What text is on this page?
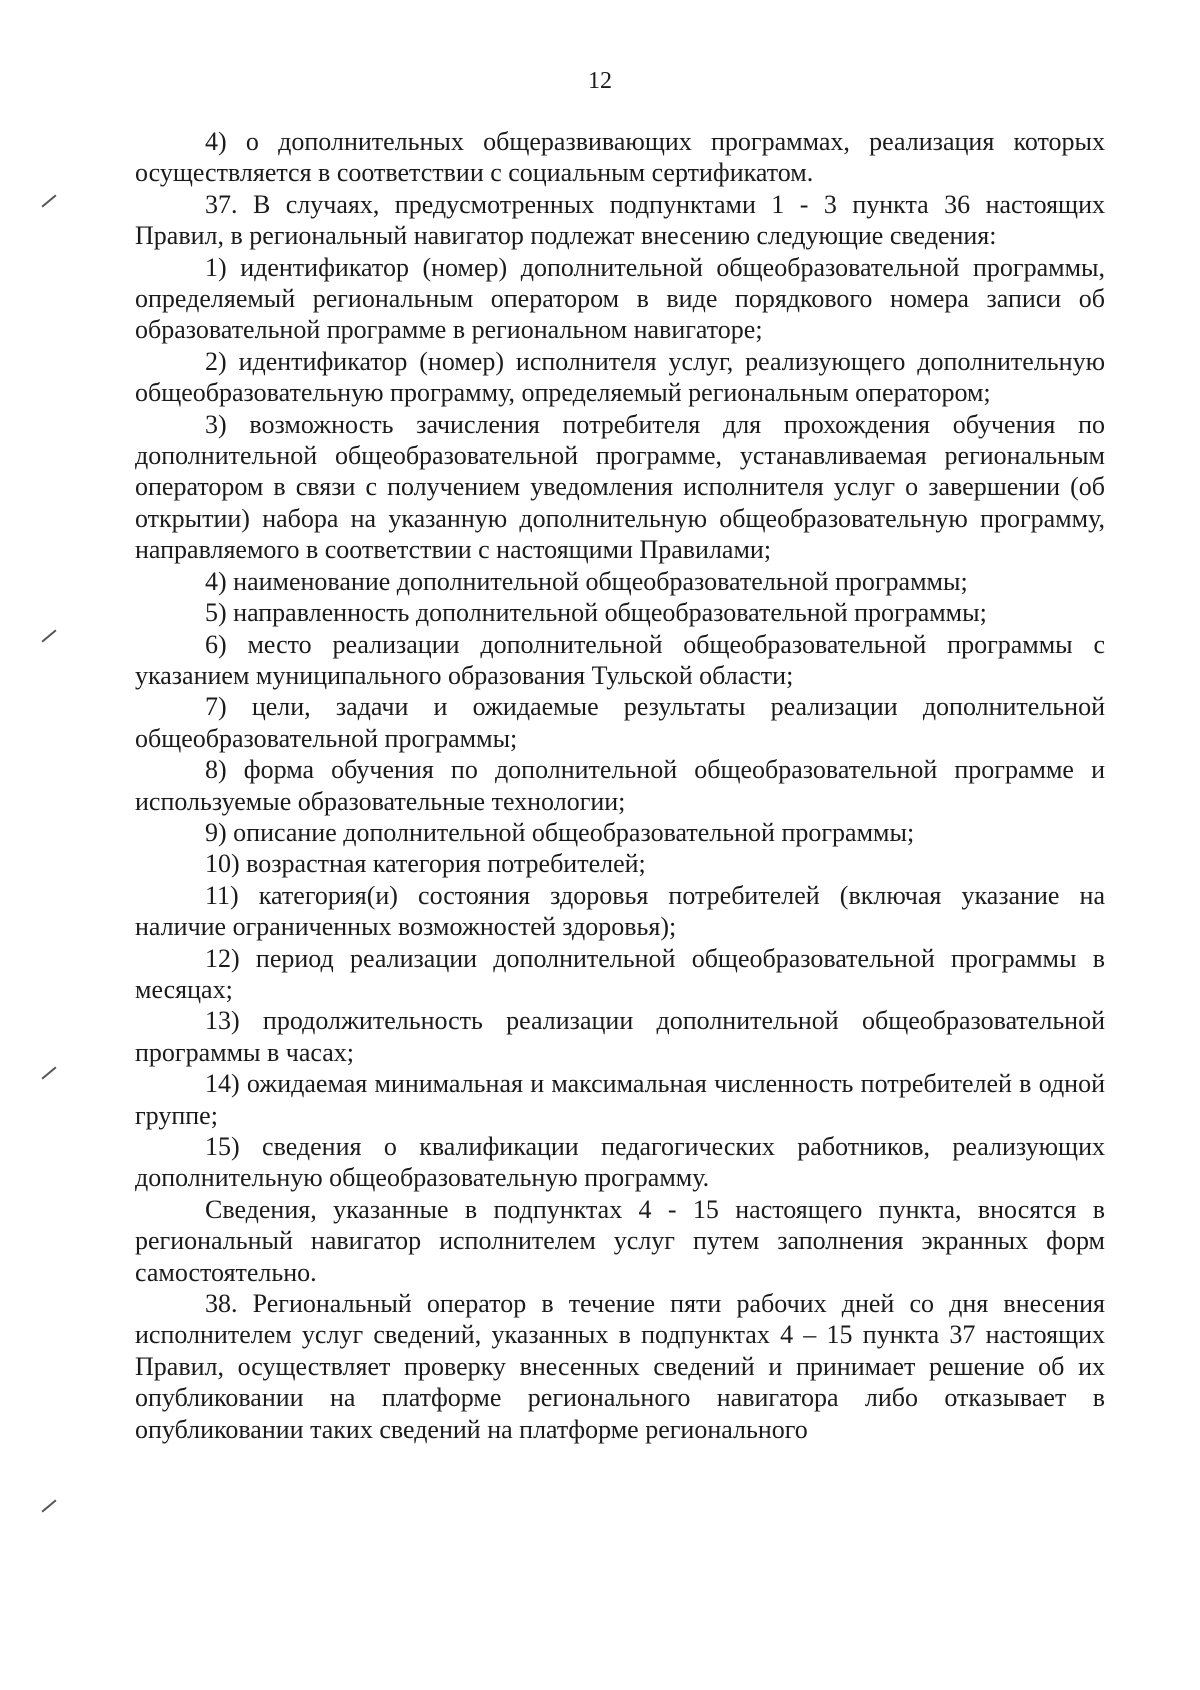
12

4) о дополнительных общеразвивающих программах, реализация которых осуществляется в соответствии с социальным сертификатом.

37. В случаях, предусмотренных подпунктами 1 - 3 пункта 36 настоящих Правил, в региональный навигатор подлежат внесению следующие сведения:

1) идентификатор (номер) дополнительной общеобразовательной программы, определяемый региональным оператором в виде порядкового номера записи об образовательной программе в региональном навигаторе;

2) идентификатор (номер) исполнителя услуг, реализующего дополнительную общеобразовательную программу, определяемый региональным оператором;

3) возможность зачисления потребителя для прохождения обучения по дополнительной общеобразовательной программе, устанавливаемая региональным оператором в связи с получением уведомления исполнителя услуг о завершении (об открытии) набора на указанную дополнительную общеобразовательную программу, направляемого в соответствии с настоящими Правилами;

4) наименование дополнительной общеобразовательной программы;

5) направленность дополнительной общеобразовательной программы;

6) место реализации дополнительной общеобразовательной программы с указанием муниципального образования Тульской области;

7) цели, задачи и ожидаемые результаты реализации дополнительной общеобразовательной программы;

8) форма обучения по дополнительной общеобразовательной программе и используемые образовательные технологии;

9) описание дополнительной общеобразовательной программы;

10) возрастная категория потребителей;

11) категория(и) состояния здоровья потребителей (включая указание на наличие ограниченных возможностей здоровья);

12) период реализации дополнительной общеобразовательной программы в месяцах;

13) продолжительность реализации дополнительной общеобразовательной программы в часах;

14) ожидаемая минимальная и максимальная численность потребителей в одной группе;

15) сведения о квалификации педагогических работников, реализующих дополнительную общеобразовательную программу.

Сведения, указанные в подпунктах 4 - 15 настоящего пункта, вносятся в региональный навигатор исполнителем услуг путем заполнения экранных форм самостоятельно.

38. Региональный оператор в течение пяти рабочих дней со дня внесения исполнителем услуг сведений, указанных в подпунктах 4 – 15 пункта 37 настоящих Правил, осуществляет проверку внесенных сведений и принимает решение об их опубликовании на платформе регионального навигатора либо отказывает в опубликовании таких сведений на платформе регионального
